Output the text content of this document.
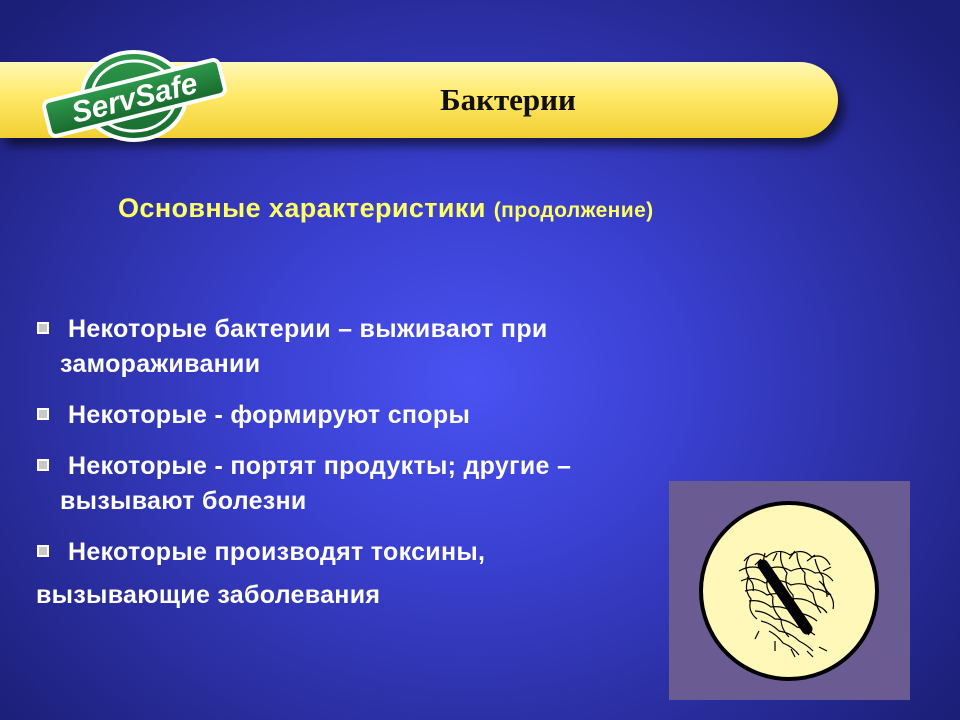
ServSafe	Бактерии
Основные характеристики (продолжение)
Некоторые бактерии – выживают при
замораживании
Некоторые - формируют споры
Некоторые - портят продукты; другие –
вызывают болезни
Некоторые производят токсины,
вызывающие заболевания
